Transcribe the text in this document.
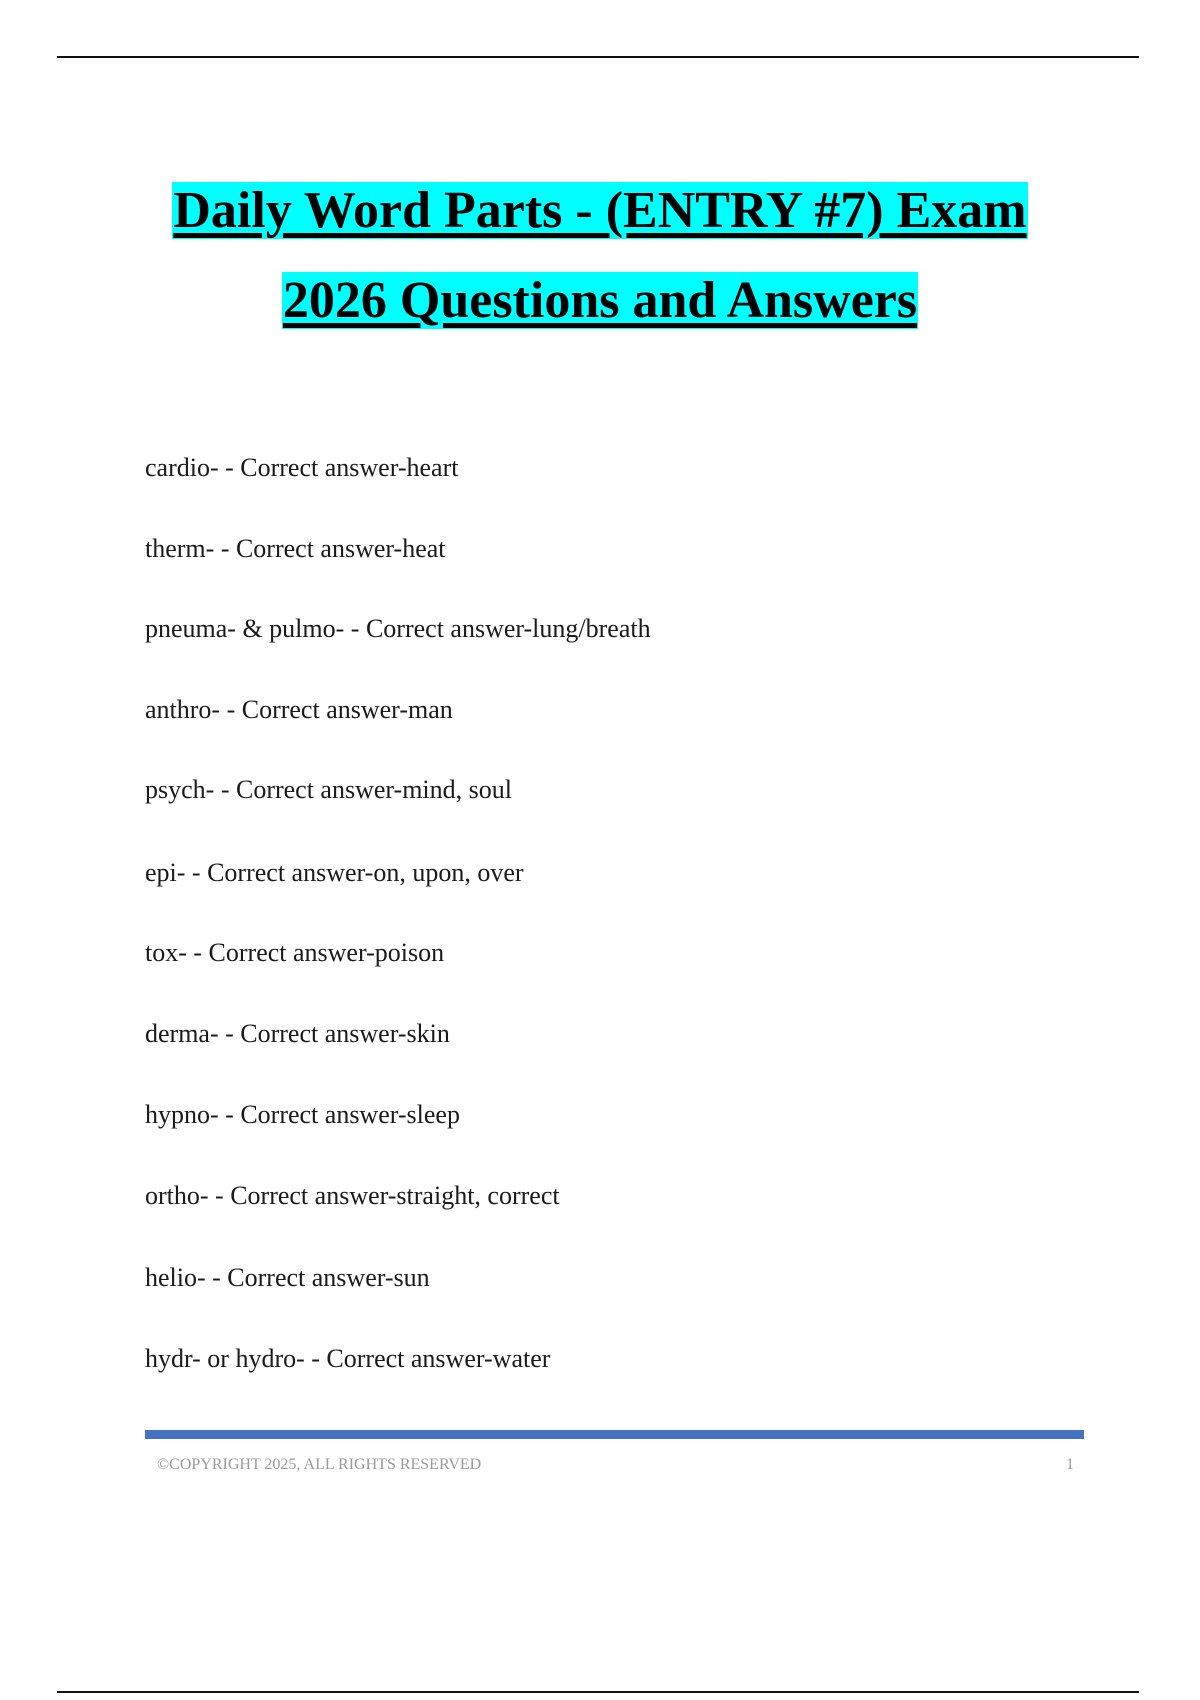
Daily Word Parts - (ENTRY #7) Exam
2026 Questions and Answers
cardio- - Correct answer-heart
therm- - Correct answer-heat
pneuma- & pulmo- - Correct answer-lung/breath
anthro- - Correct answer-man
psych- - Correct answer-mind, soul
epi- - Correct answer-on, upon, over
tox- - Correct answer-poison
derma- - Correct answer-skin
hypno- - Correct answer-sleep
ortho- - Correct answer-straight, correct
helio- - Correct answer-sun
hydr- or hydro- - Correct answer-water
©COPYRIGHT 2025, ALL RIGHTS RESERVED	1
